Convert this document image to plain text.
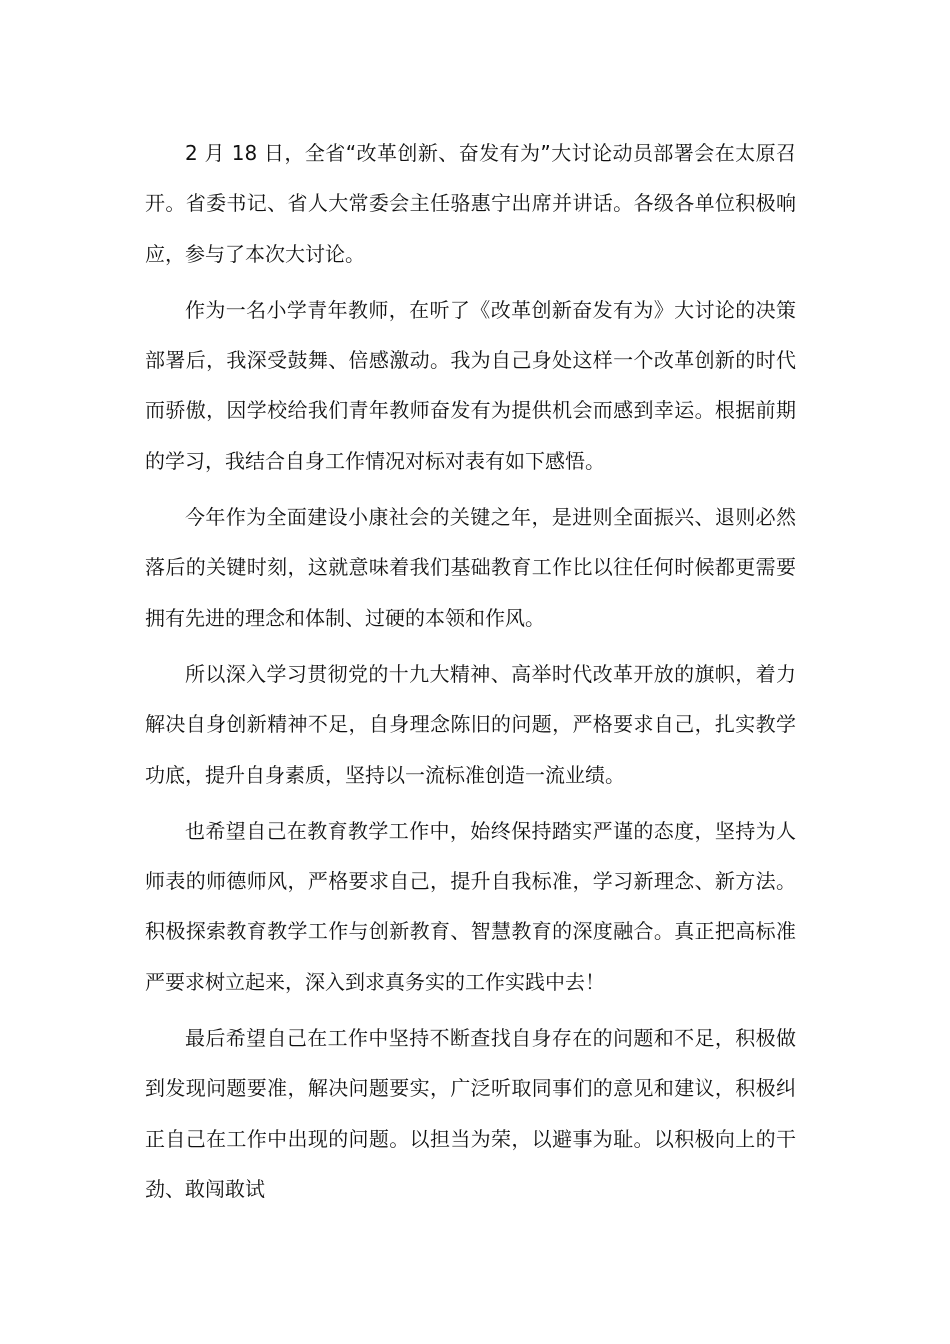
2 月 18 日，全省“改革创新、奋发有为”大讨论动员部署会在太原召开。省委书记、省人大常委会主任骆惠宁出席并讲话。各级各单位积极响应，参与了本次大讨论。

作为一名小学青年教师，在听了《改革创新奋发有为》大讨论的决策部署后，我深受鼓舞、倍感激动。我为自己身处这样一个改革创新的时代而骄傲，因学校给我们青年教师奋发有为提供机会而感到幸运。根据前期的学习，我结合自身工作情况对标对表有如下感悟。

今年作为全面建设小康社会的关键之年，是进则全面振兴、退则必然落后的关键时刻，这就意味着我们基础教育工作比以往任何时候都更需要拥有先进的理念和体制、过硬的本领和作风。

所以深入学习贯彻党的十九大精神、高举时代改革开放的旗帜，着力解决自身创新精神不足，自身理念陈旧的问题，严格要求自己，扎实教学功底，提升自身素质，坚持以一流标准创造一流业绩。

也希望自己在教育教学工作中，始终保持踏实严谨的态度，坚持为人师表的师德师风，严格要求自己，提升自我标准，学习新理念、新方法。积极探索教育教学工作与创新教育、智慧教育的深度融合。真正把高标准严要求树立起来，深入到求真务实的工作实践中去！

最后希望自己在工作中坚持不断查找自身存在的问题和不足，积极做到发现问题要准，解决问题要实，广泛听取同事们的意见和建议，积极纠正自己在工作中出现的问题。以担当为荣，以避事为耻。以积极向上的干劲、敢闯敢试
